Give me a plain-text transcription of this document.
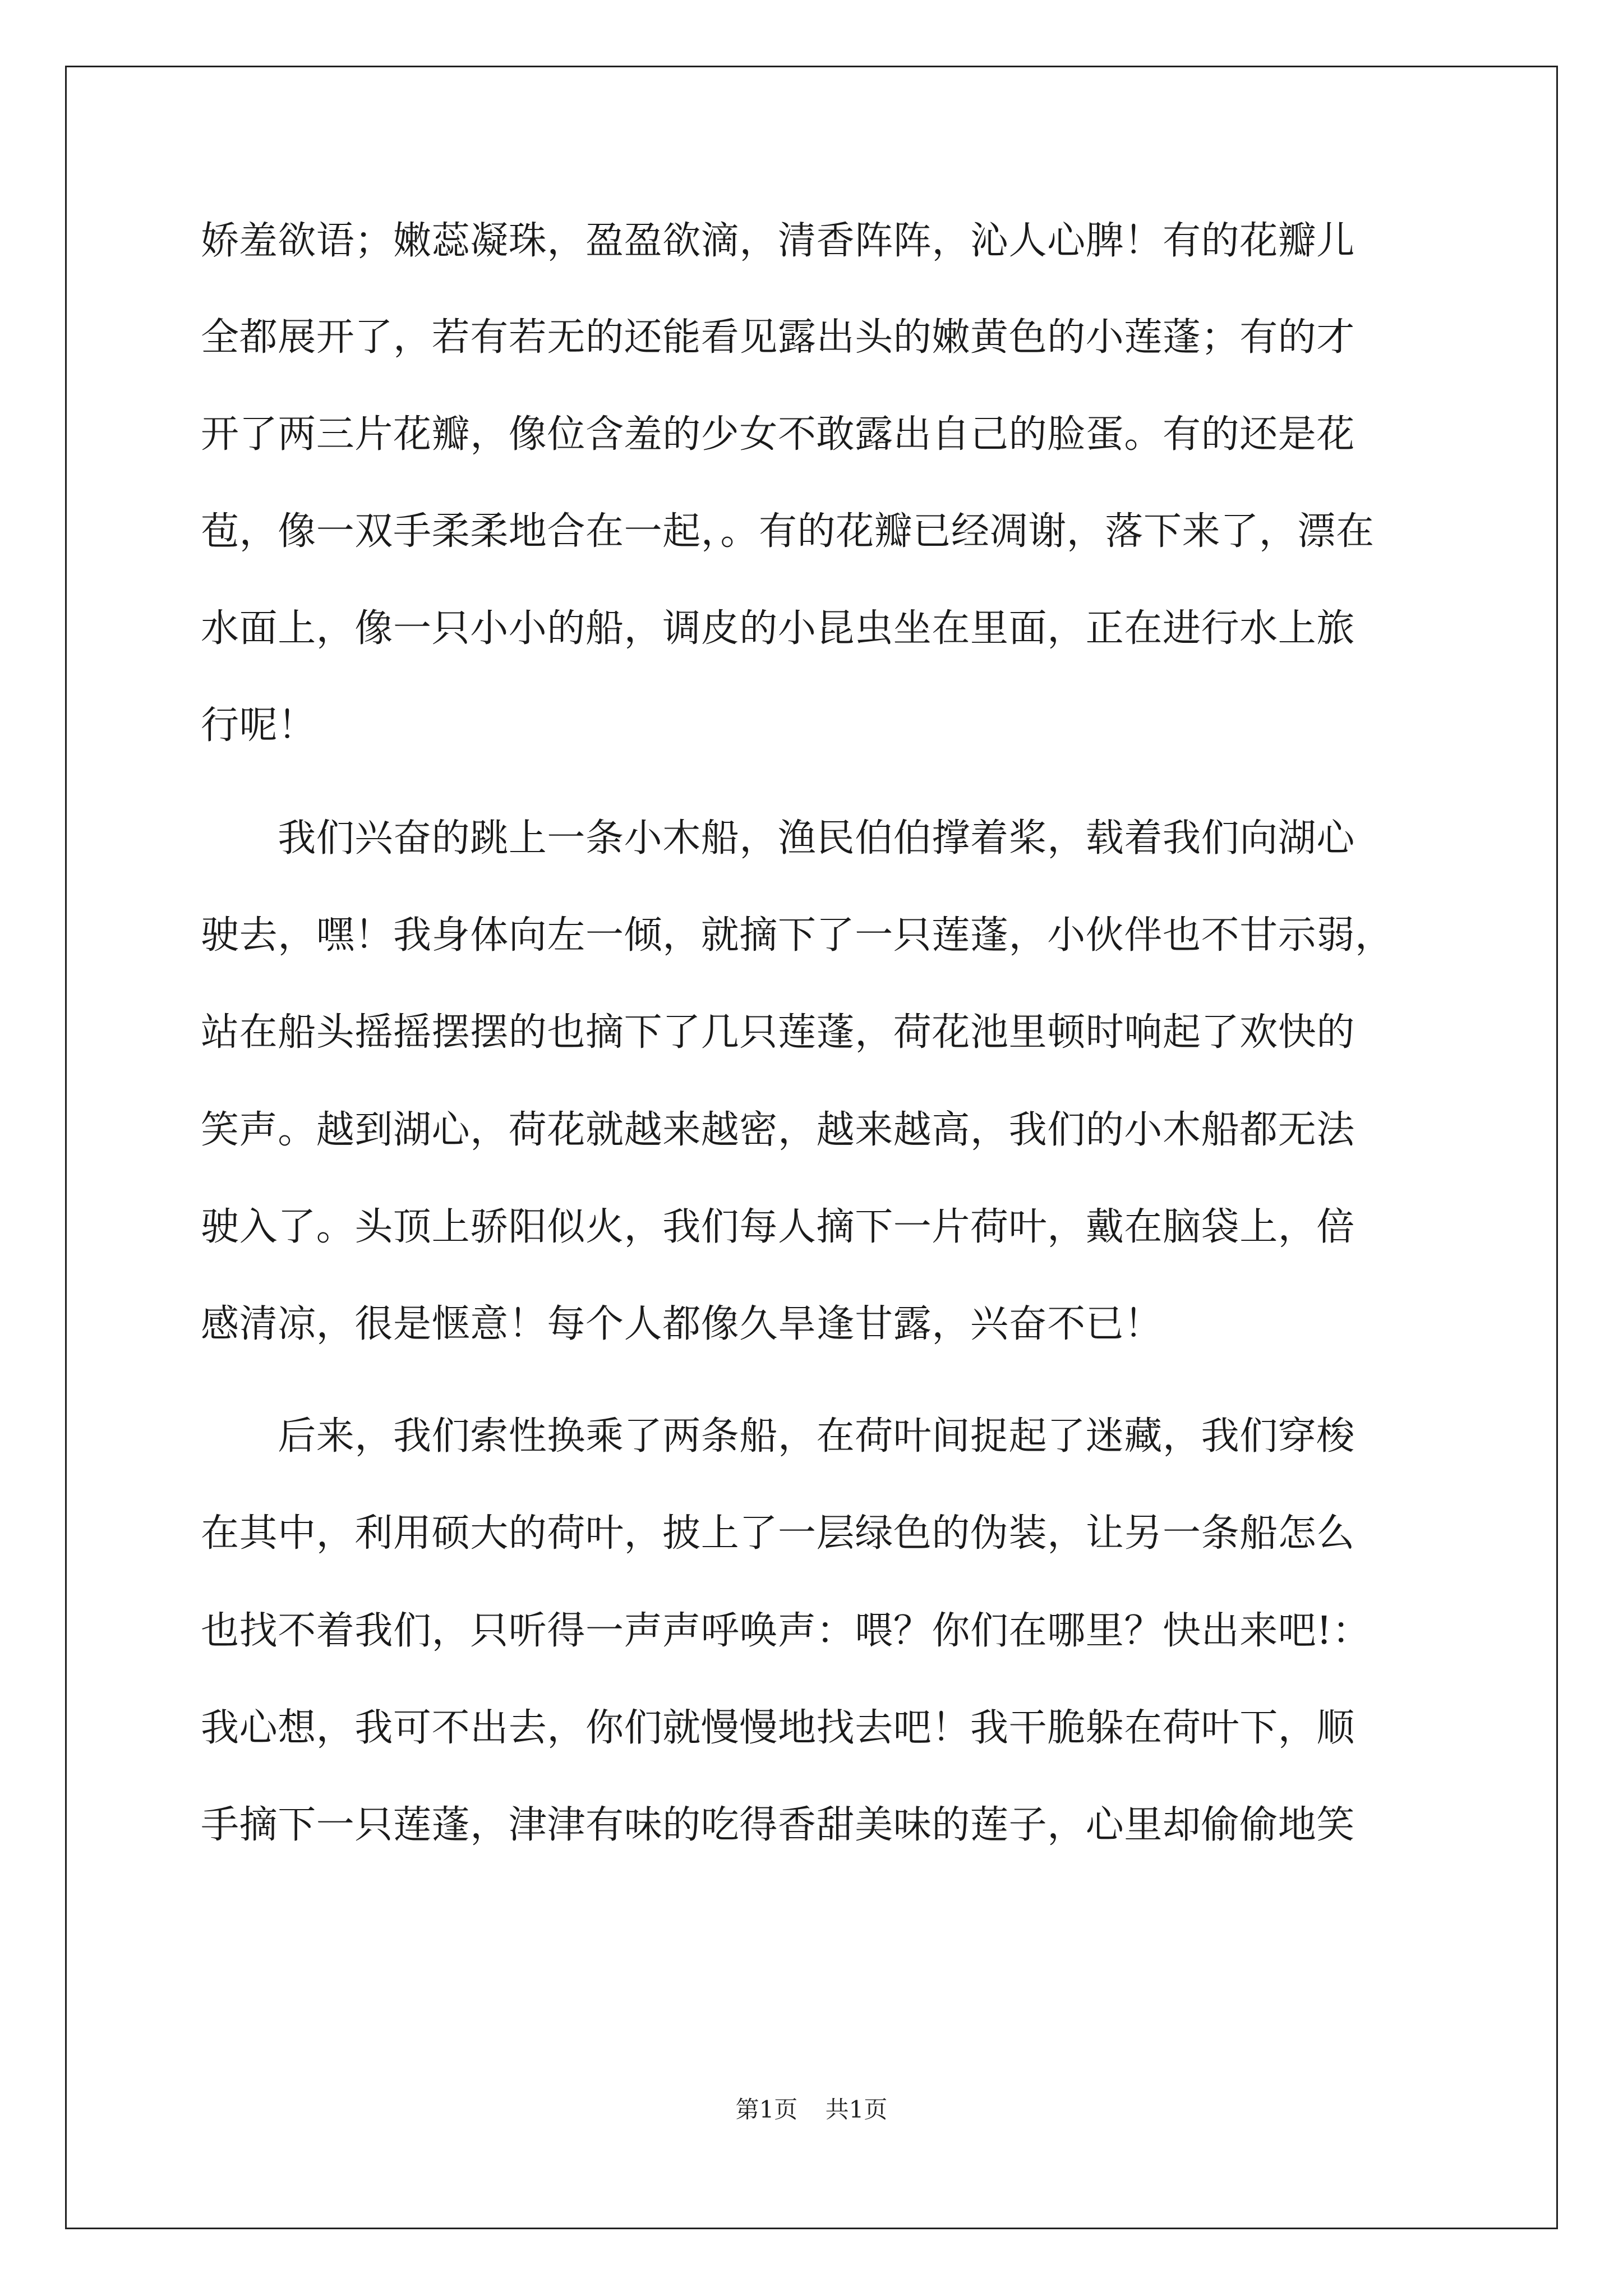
娇羞欲语；嫩蕊凝珠，盈盈欲滴，清香阵阵，沁人心脾！有的花瓣儿
全都展开了，若有若无的还能看见露出头的嫩黄色的小莲蓬；有的才
开了两三片花瓣，像位含羞的少女不敢露出自己的脸蛋。有的还是花
苞，像一双手柔柔地合在一起，。有的花瓣已经凋谢，落下来了，漂在
水面上，像一只小小的船，调皮的小昆虫坐在里面，正在进行水上旅
行呢！
　　我们兴奋的跳上一条小木船，渔民伯伯撑着桨，载着我们向湖心
驶去，嘿！我身体向左一倾，就摘下了一只莲蓬，小伙伴也不甘示弱，
站在船头摇摇摆摆的也摘下了几只莲蓬，荷花池里顿时响起了欢快的
笑声。越到湖心，荷花就越来越密，越来越高，我们的小木船都无法
驶入了。头顶上骄阳似火，我们每人摘下一片荷叶，戴在脑袋上，倍
感清凉，很是惬意！每个人都像久旱逢甘露，兴奋不已！
　　后来，我们索性换乘了两条船，在荷叶间捉起了迷藏，我们穿梭
在其中，利用硕大的荷叶，披上了一层绿色的伪装，让另一条船怎么
也找不着我们，只听得一声声呼唤声：喂？你们在哪里？快出来吧!：
我心想，我可不出去，你们就慢慢地找去吧！我干脆躲在荷叶下，顺
手摘下一只莲蓬，津津有味的吃得香甜美味的莲子，心里却偷偷地笑
第1页 共1页
